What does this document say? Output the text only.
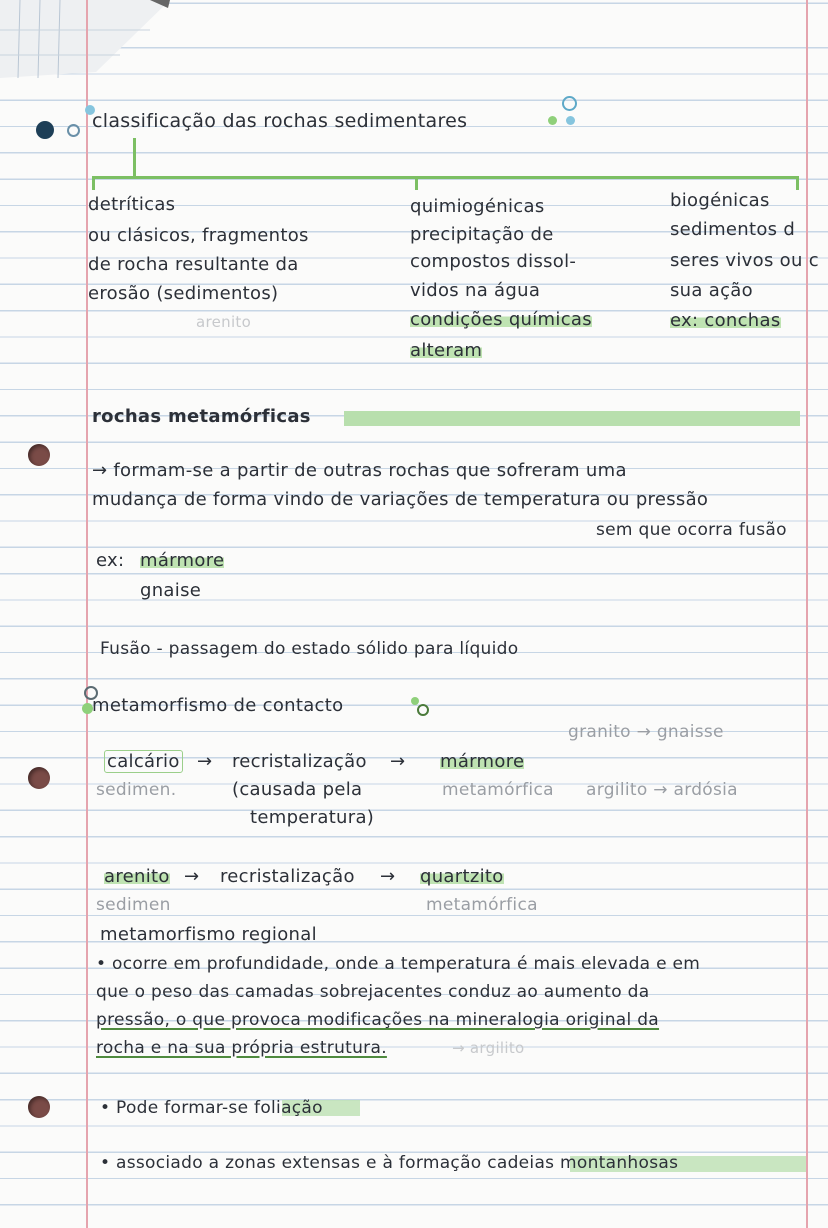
classificação das rochas sedimentares
detríticas
ou clásicos, fragmentos
de rocha resultante da
erosão (sedimentos)
arenito
quimiogénicas
precipitação de
compostos dissol-
vidos na água
condições químicas
alteram
biogénicas
sedimentos d
seres vivos ou c
sua ação
ex: conchas
rochas metamórficas
→ formam-se a partir de outras rochas que sofreram uma
mudança de forma vindo de variações de temperatura ou pressão
sem que ocorra fusão
ex: mármore
gnaise
Fusão - passagem do estado sólido para líquido
metamorfismo de contacto
granito → gnaisse
calcário → recristalização → mármore
sedimen.	(causada pela	metamórfica argilito → ardósia
temperatura)
arenito → recristalização → quartzito
sedimen	metamórfica
metamorfismo regional
• ocorre em profundidade, onde a temperatura é mais elevada e em
que o peso das camadas sobrejacentes conduz ao aumento da
pressão, o que provoca modificações na mineralogia original da
rocha e na sua própria estrutura.	→ argilito
• Pode formar-se foliação
• associado a zonas extensas e à formação cadeias montanhosas
